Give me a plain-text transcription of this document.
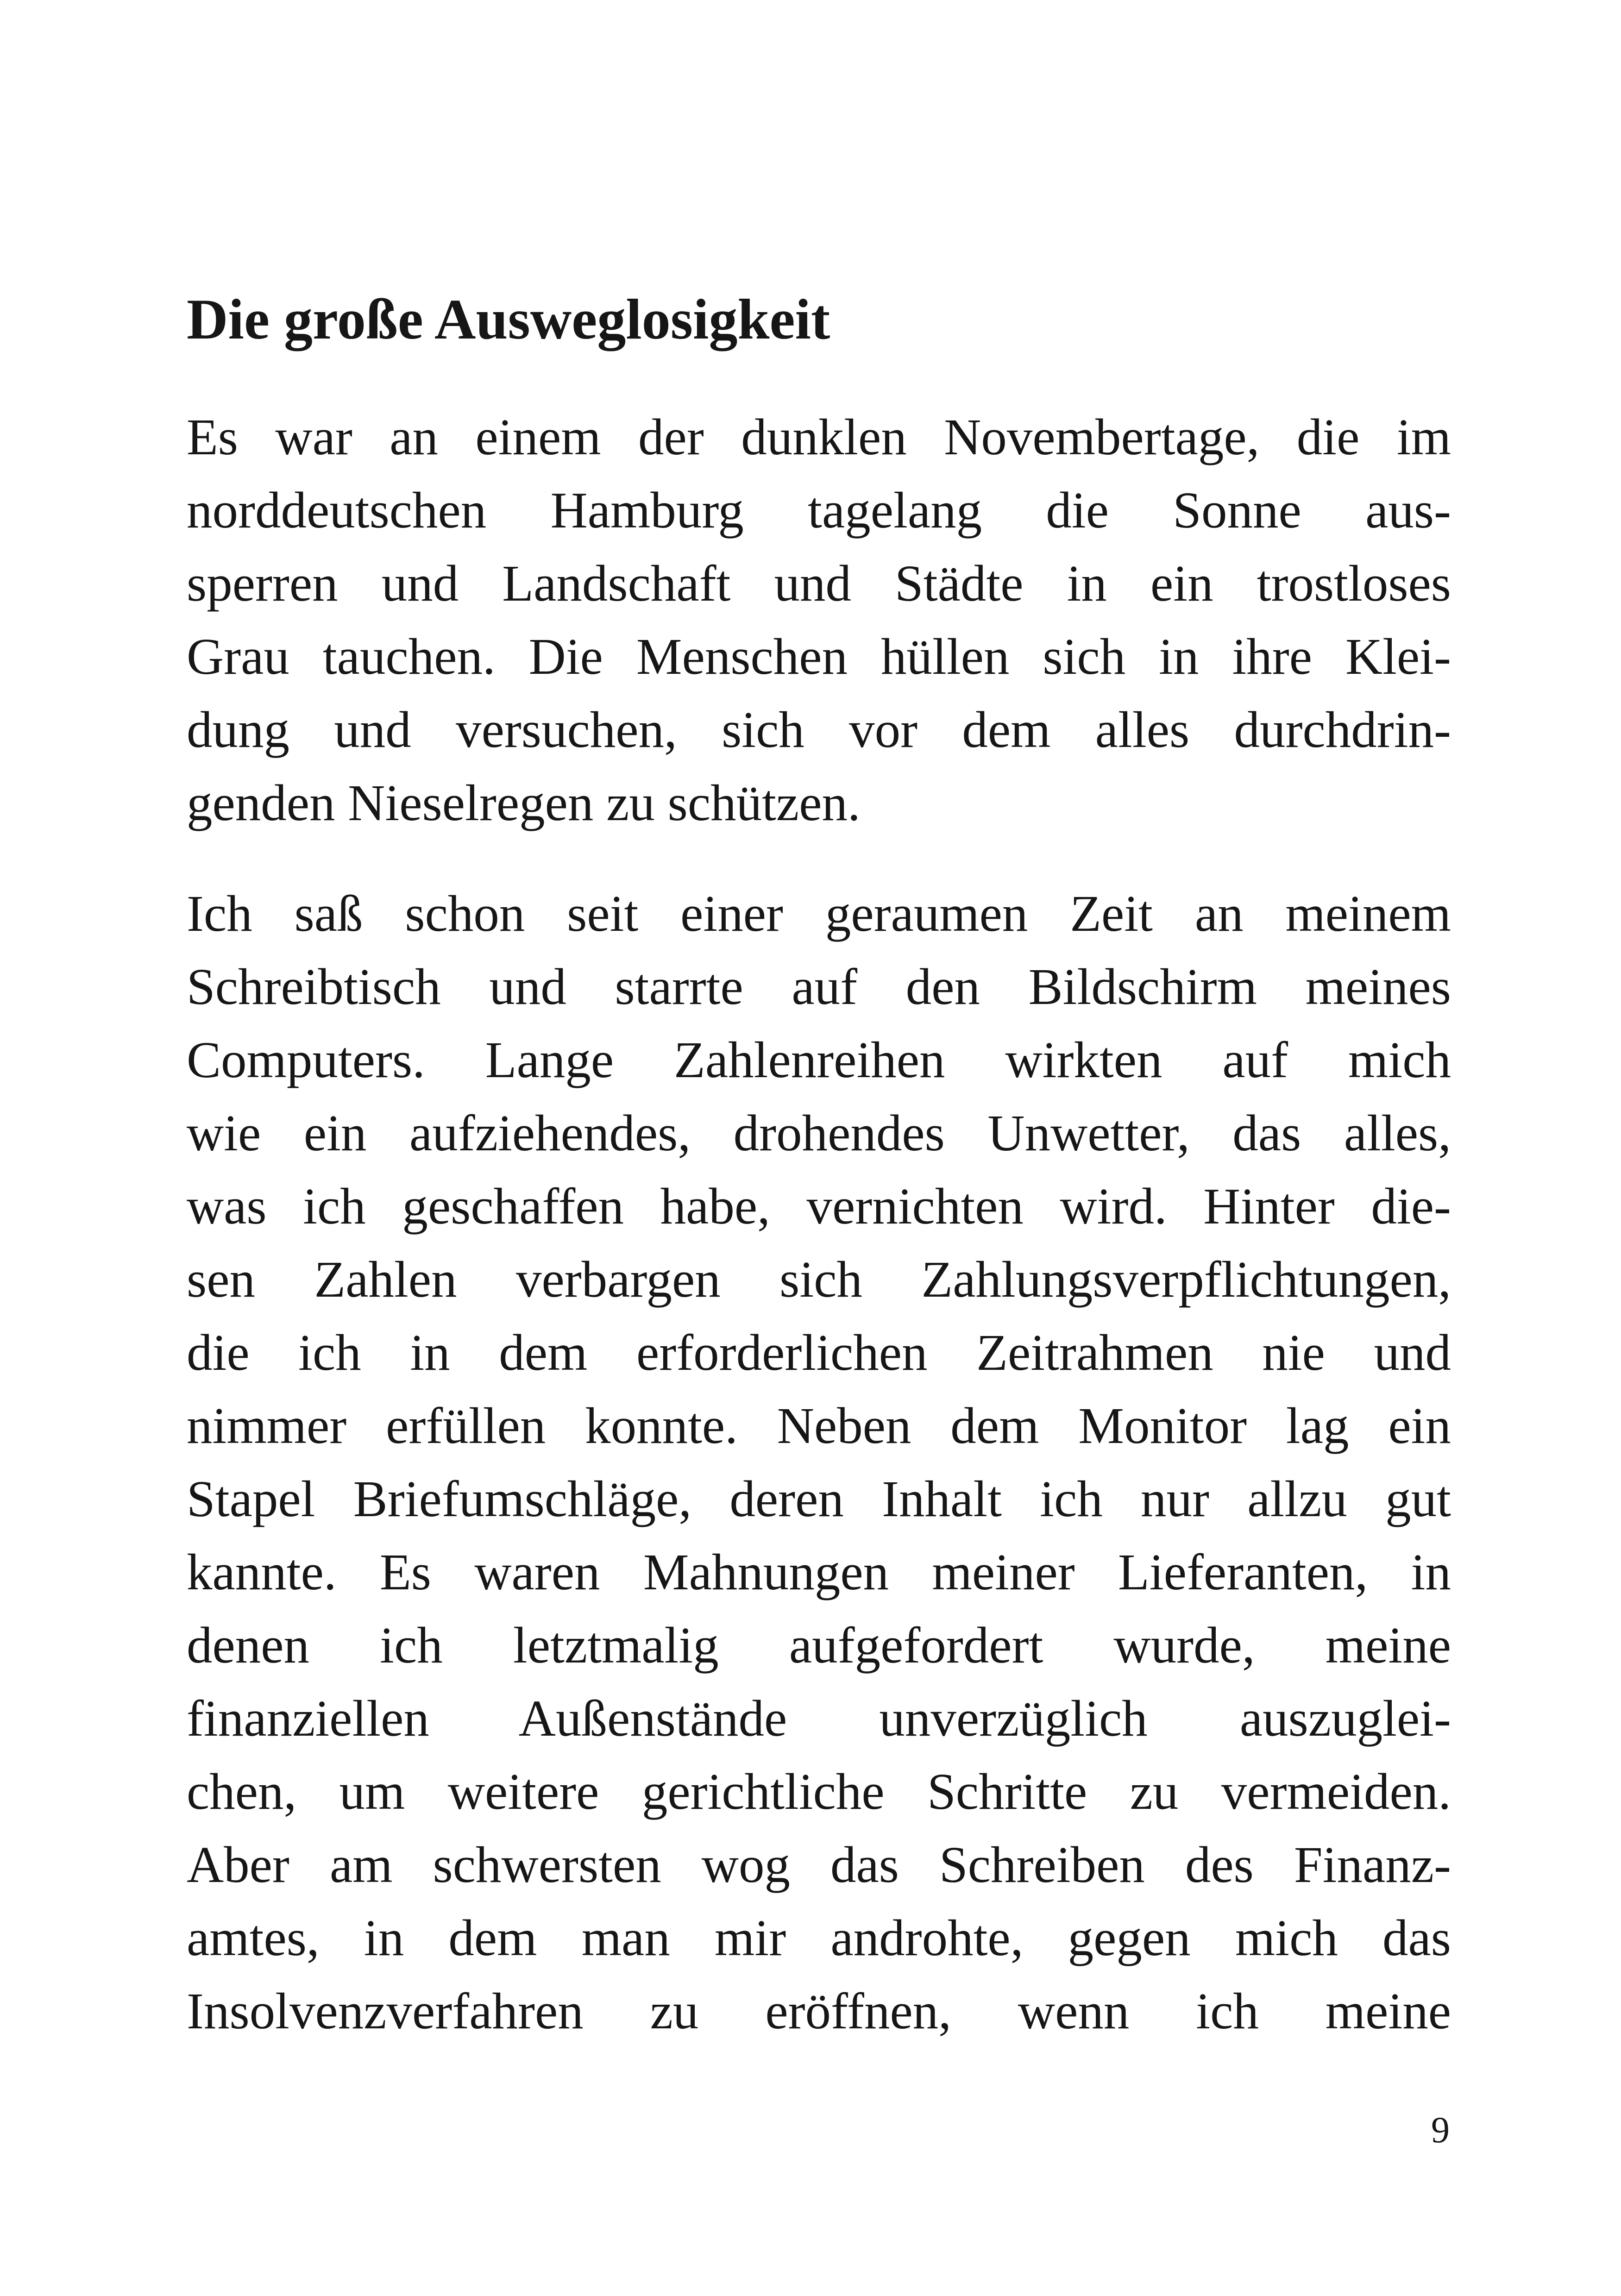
Die große Ausweglosigkeit
Es war an einem der dunklen Novembertage, die im
norddeutschen Hamburg tagelang die Sonne aus-
sperren und Landschaft und Städte in ein trostloses
Grau tauchen. Die Menschen hüllen sich in ihre Klei-
dung und versuchen, sich vor dem alles durchdrin-
genden Nieselregen zu schützen.
Ich saß schon seit einer geraumen Zeit an meinem
Schreibtisch und starrte auf den Bildschirm meines
Computers. Lange Zahlenreihen wirkten auf mich
wie ein aufziehendes, drohendes Unwetter, das alles,
was ich geschaffen habe, vernichten wird. Hinter die-
sen Zahlen verbargen sich Zahlungsverpflichtungen,
die ich in dem erforderlichen Zeitrahmen nie und
nimmer erfüllen konnte. Neben dem Monitor lag ein
Stapel Briefumschläge, deren Inhalt ich nur allzu gut
kannte. Es waren Mahnungen meiner Lieferanten, in
denen ich letztmalig aufgefordert wurde, meine
finanziellen Außenstände unverzüglich auszuglei-
chen, um weitere gerichtliche Schritte zu vermeiden.
Aber am schwersten wog das Schreiben des Finanz-
amtes, in dem man mir androhte, gegen mich das
Insolvenzverfahren zu eröffnen, wenn ich meine

9
